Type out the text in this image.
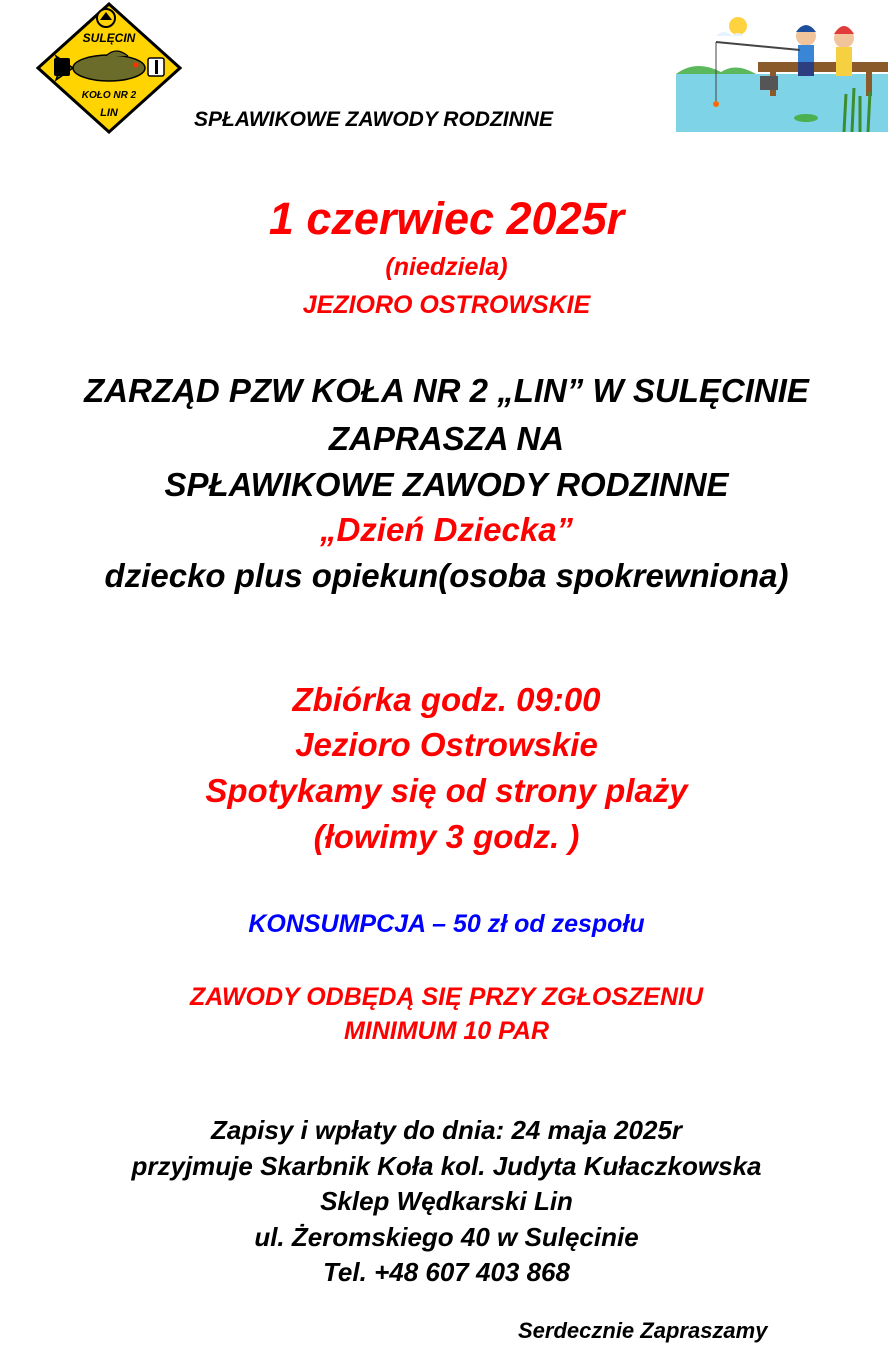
SULĘCIN
KOŁO NR 2
LIN	SPŁAWIKOWE ZAWODY RODZINNE
1 czerwiec 2025r
(niedziela)
JEZIORO OSTROWSKIE
ZARZĄD PZW KOŁA NR 2 „LIN” W SULĘCINIE
ZAPRASZA NA
SPŁAWIKOWE ZAWODY RODZINNE
„Dzień Dziecka”
dziecko plus opiekun(osoba spokrewniona)
Zbiórka godz. 09:00
Jezioro Ostrowskie
Spotykamy się od strony plaży
(łowimy 3 godz. )
KONSUMPCJA – 50 zł od zespołu
ZAWODY ODBĘDĄ SIĘ PRZY ZGŁOSZENIU
MINIMUM 10 PAR
Zapisy i wpłaty do dnia: 24 maja 2025r
przyjmuje Skarbnik Koła kol. Judyta Kułaczkowska
Sklep Wędkarski Lin
ul. Żeromskiego 40 w Sulęcinie
Tel. +48 607 403 868
Serdecznie Zapraszamy
